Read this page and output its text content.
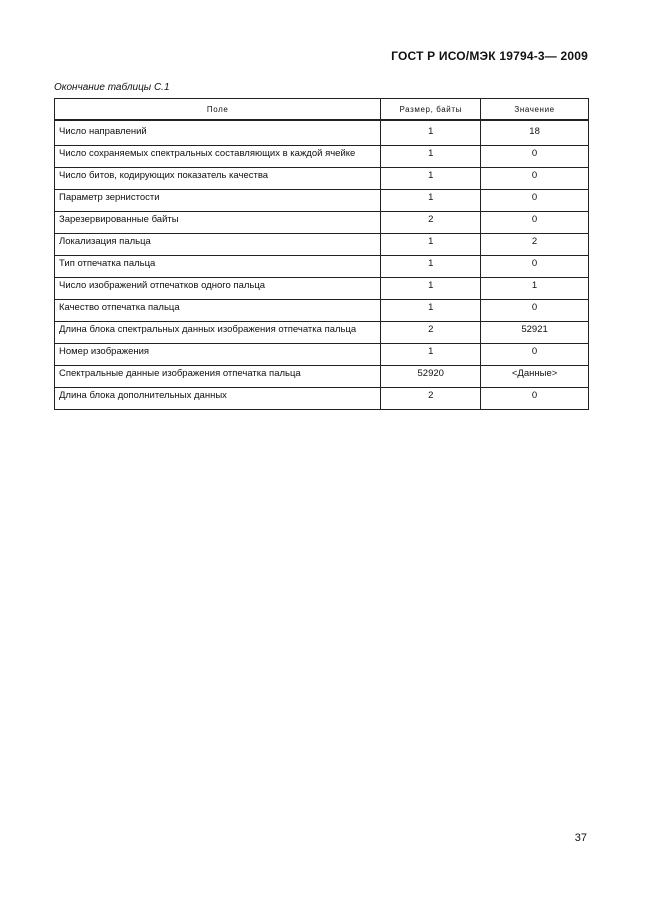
ГОСТ Р ИСО/МЭК 19794-3— 2009
Окончание таблицы С.1
Поле	Размер, байты	Значение
Число направлений	1	18
Число сохраняемых спектральных составляющих в каждой ячейке	1	0
Число битов, кодирующих показатель качества	1	0
Параметр зернистости	1	0
Зарезервированные байты	2	0
Локализация пальца	1	2
Тип отпечатка пальца	1	0
Число изображений отпечатков одного пальца	1	1
Качество отпечатка пальца	1	0
Длина блока спектральных данных изображения отпечатка пальца	2	52921
Номер изображения	1	0
Спектральные данные изображения отпечатка пальца	52920	<Данные>
Длина блока дополнительных данных	2	0
37
